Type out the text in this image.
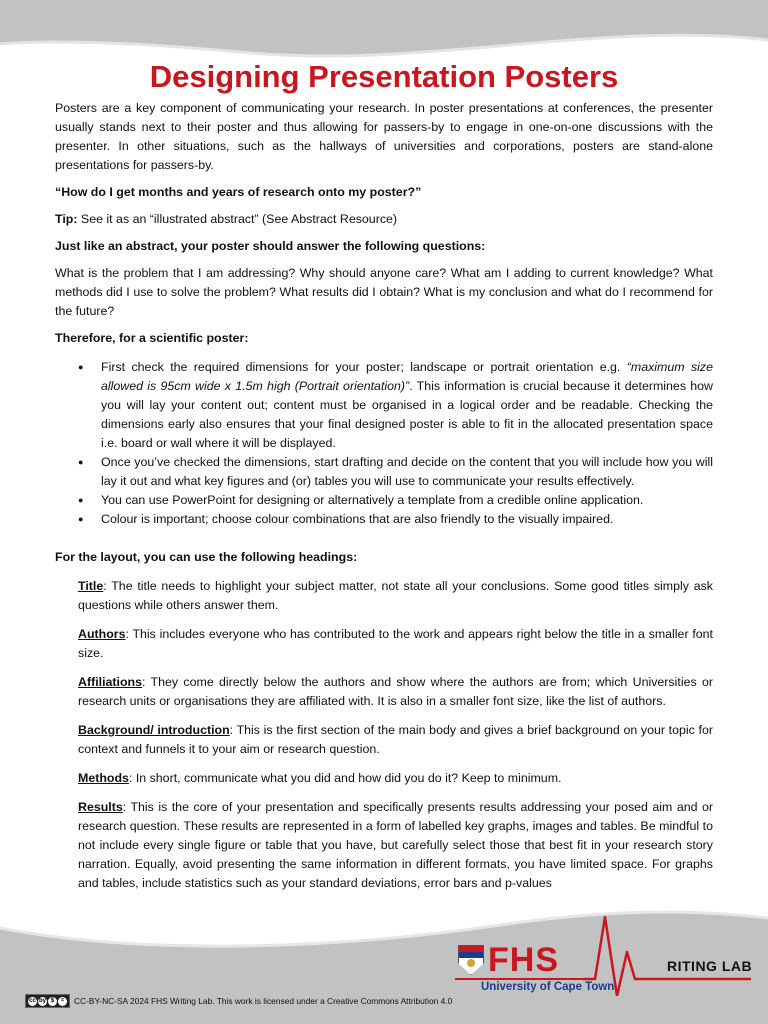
Designing Presentation Posters

Posters are a key component of communicating your research. In poster presentations at conferences, the presenter usually stands next to their poster and thus allowing for passers-by to engage in one-on-one discussions with the presenter. In other situations, such as the hallways of universities and corporations, posters are stand-alone presentations for passers-by.

“How do I get months and years of research onto my poster?”

Tip: See it as an “illustrated abstract” (See Abstract Resource)

Just like an abstract, your poster should answer the following questions:

What is the problem that I am addressing? Why should anyone care? What am I adding to current knowledge? What methods did I use to solve the problem? What results did I obtain? What is my conclusion and what do I recommend for the future?

Therefore, for a scientific poster:

● First check the required dimensions for your poster; landscape or portrait orientation e.g. “maximum size allowed is 95cm wide x 1.5m high (Portrait orientation)”. This information is crucial because it determines how you will lay your content out; content must be organised in a logical order and be readable. Checking the dimensions early also ensures that your final designed poster is able to fit in the allocated presentation space i.e. board or wall where it will be displayed.
● Once you’ve checked the dimensions, start drafting and decide on the content that you will include how you will lay it out and what key figures and (or) tables you will use to communicate your results effectively.
● You can use PowerPoint for designing or alternatively a template from a credible online application.
● Colour is important; choose colour combinations that are also friendly to the visually impaired.

For the layout, you can use the following headings:

Title: The title needs to highlight your subject matter, not state all your conclusions. Some good titles simply ask questions while others answer them.
Authors: This includes everyone who has contributed to the work and appears right below the title in a smaller font size.
Affiliations: They come directly below the authors and show where the authors are from; which Universities or research units or organisations they are affiliated with. It is also in a smaller font size, like the list of authors.
Background/ introduction: This is the first section of the main body and gives a brief background on your topic for context and funnels it to your aim or research question.
Methods: In short, communicate what you did and how did you do it? Keep to minimum.
Results: This is the core of your presentation and specifically presents results addressing your posed aim and or research question. These results are represented in a form of labelled key graphs, images and tables. Be mindful to not include every single figure or table that you have, but carefully select those that best fit in your research story narration. Equally, avoid presenting the same information in different formats, you have limited space. For graphs and tables, include statistics such as your standard deviations, error bars and p-values
FHS
University of Cape Town
RITING LAB
cc by $	=	CC-BY-NC-SA 2024 FHS Writing Lab. This work is licensed under a Creative Commons Attribution 4.0
